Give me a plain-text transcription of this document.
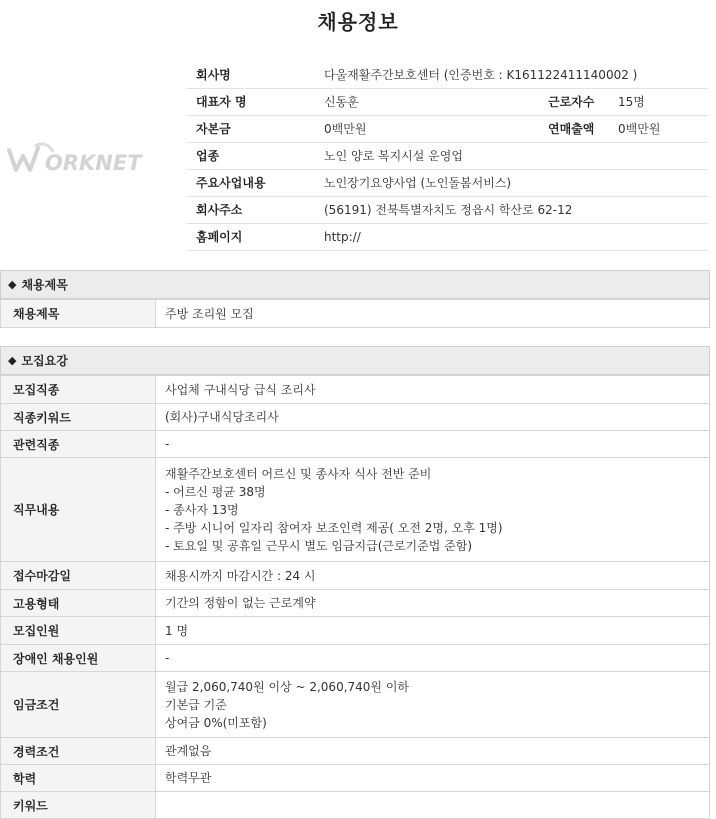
채용정보
ORKNET
회사명	다울재활주간보호센터 (인증번호 : K161122411140002 )		
대표자 명	신동훈	근로자수	15명
자본금	0백만원	연매출액	0백만원
업종	노인 양로 복지시설 운영업		
주요사업내용	노인장기요양사업 (노인돌봄서비스)		
회사주소	(56191) 전북특별자치도 정읍시 학산로 62-12		
홈페이지	http://		
◆ 채용제목
채용제목	주방 조리원 모집
◆ 모집요강
모집직종	사업체 구내식당 급식 조리사
직종키워드	(회사)구내식당조리사
관련직종	-
직무내용	재활주간보호센터 어르신 및 종사자 식사 전반 준비
- 어르신 평균 38명
- 종사자 13명
- 주방 시니어 일자리 참여자 보조인력 제공( 오전 2명, 오후 1명)
- 토요일 및 공휴일 근무시 별도 임금지급(근로기준법 준함)

접수마감일	채용시까지 마감시간 : 24 시
고용형태	기간의 정함이 없는 근로계약
모집인원	1 명
장애인 채용인원	-
임금조건	월급 2,060,740원 이상 ~ 2,060,740원 이하
기본급 기준
상여금 0%(미포함)

경력조건	관계없음
학력	학력무관
키워드	
